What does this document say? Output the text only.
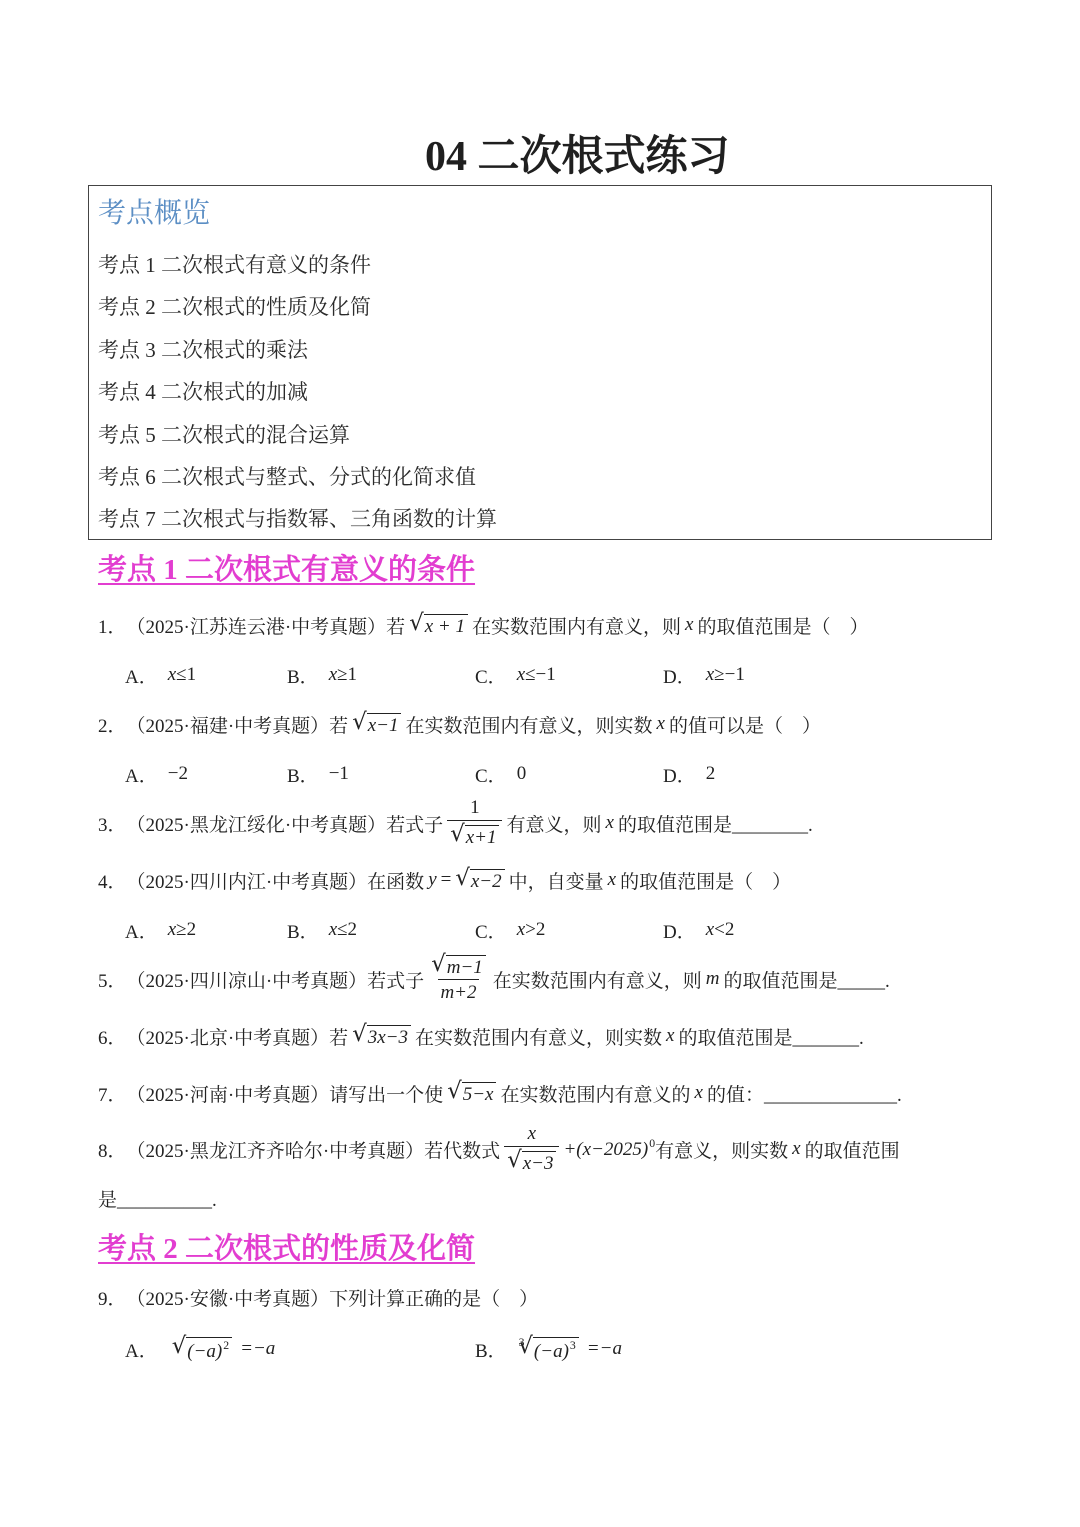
04 二次根式练习
考点概览
考点 1 二次根式有意义的条件
考点 2 二次根式的性质及化简
考点 3 二次根式的乘法
考点 4 二次根式的加减
考点 5 二次根式的混合运算
考点 6 二次根式与整式、分式的化简求值
考点 7 二次根式与指数幂、三角函数的计算
考点 1 二次根式有意义的条件
1． （2025·江苏连云港·中考真题） 若 √ x + 1 在实数范围内有意义，则 x 的取值范围是（　）
A． x ≤1	B． x ≥1	C． x ≤−1	D． x ≥−1
2． （2025·福建·中考真题） 若 √ x−1 在实数范围内有意义，则实数 x 的值可以是（　）
A． −2	B． −1	C． 0	D． 2
3． （2025·黑龙江绥化·中考真题） 若式子 1
√
x+1 有意义，则 x 的取值范围是________.
4． （2025·四川内江·中考真题） 在函数 y = √ x−2 中，自变量 x 的取值范围是（　）
A． x ≥2	B． x ≤2	C． x >2	D． x <2
5． （2025·四川凉山·中考真题） 若式子 √ $\frac{m-1}{m+2}$ 在实数范围内有意义，则 m 的取值范围是_____.
6． （2025·北京·中考真题） 若 √ 3x−3 在实数范围内有意义，则实数 x 的取值范围是_______.
7． （2025·河南·中考真题） 请写出一个使 √ 5−x 在实数范围内有意义的 x 的值：______________.
8． （2025·黑龙江齐齐哈尔·中考真题） 若代数式 x
√
$x-3 +(x-2025)^0$ 有意义，则实数 x 的取值范围
是__________.
考点 2 二次根式的性质及化简
9． （2025·安徽·中考真题） 下列计算正确的是（　）
A． √ $(-a)^2 =-a$	B． 3 √ $(-a)^3 =-a$
